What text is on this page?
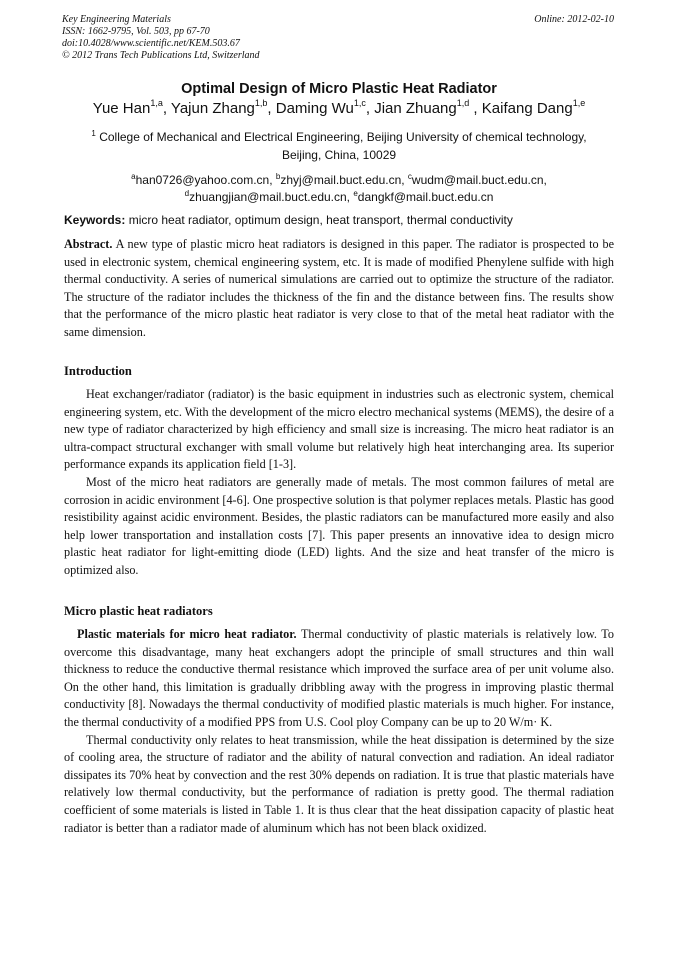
Key Engineering Materials
ISSN: 1662-9795, Vol. 503, pp 67-70
doi:10.4028/www.scientific.net/KEM.503.67
© 2012 Trans Tech Publications Ltd, Switzerland
Online: 2012-02-10
Optimal Design of Micro Plastic Heat Radiator
Yue Han$^{1,a}$, Yajun Zhang$^{1,b}$, Daming Wu$^{1,c}$, Jian Zhuang$^{1,d}$ , Kaifang Dang$^{1,e}$
$^1$ College of Mechanical and Electrical Engineering, Beijing University of chemical technology,
Beijing, China, 10029
$^a$han0726@yahoo.com.cn, $^b$zhyj@mail.buct.edu.cn, $^c$wudm@mail.buct.edu.cn,
$^d$zhuangjian@mail.buct.edu.cn, $^e$dangkf@mail.buct.edu.cn
Keywords: micro heat radiator, optimum design, heat transport, thermal conductivity

Abstract. A new type of plastic micro heat radiators is designed in this paper. The radiator is prospected to be used in electronic system, chemical engineering system, etc. It is made of modified Phenylene sulfide with high thermal conductivity. A series of numerical simulations are carried out to optimize the structure of the radiator. The structure of the radiator includes the thickness of the fin and the distance between fins. The results show that the performance of the micro plastic heat radiator is very close to that of the metal heat radiator with the same dimension.

Introduction

Heat exchanger/radiator (radiator) is the basic equipment in industries such as electronic system, chemical engineering system, etc. With the development of the micro electro mechanical systems (MEMS), the desire of a new type of radiator characterized by high efficiency and small size is increasing. The micro heat radiator is an ultra-compact structural exchanger with small volume but relatively high heat interchanging area. Its superior performance expands its application field [1-3].

Most of the micro heat radiators are generally made of metals. The most common failures of metal are corrosion in acidic environment [4-6]. One prospective solution is that polymer replaces metals. Plastic has good resistibility against acidic environment. Besides, the plastic radiators can be manufactured more easily and also help lower transportation and installation costs [7]. This paper presents an innovative idea to design micro plastic heat radiator for light-emitting diode (LED) lights. And the size and heat transfer of the micro is optimized also.

Micro plastic heat radiators

Plastic materials for micro heat radiator. Thermal conductivity of plastic materials is relatively low. To overcome this disadvantage, many heat exchangers adopt the principle of small structures and thin wall thickness to reduce the conductive thermal resistance which improved the surface area of per unit volume also. On the other hand, this limitation is gradually dribbling away with the progress in improving plastic thermal conductivity [8]. Nowadays the thermal conductivity of modified plastic materials is much higher. For instance, the thermal conductivity of a modified PPS from U.S. Cool ploy Company can be up to 20 W/m· K.

Thermal conductivity only relates to heat transmission, while the heat dissipation is determined by the size of cooling area, the structure of radiator and the ability of natural convection and radiation. An ideal radiator dissipates its 70% heat by convection and the rest 30% depends on radiation. It is true that plastic materials have relatively low thermal conductivity, but the performance of radiation is pretty good. The thermal radiation coefficient of some materials is listed in Table 1. It is thus clear that the heat dissipation capacity of plastic heat radiator is better than a radiator made of aluminum which has not been black oxidized.
